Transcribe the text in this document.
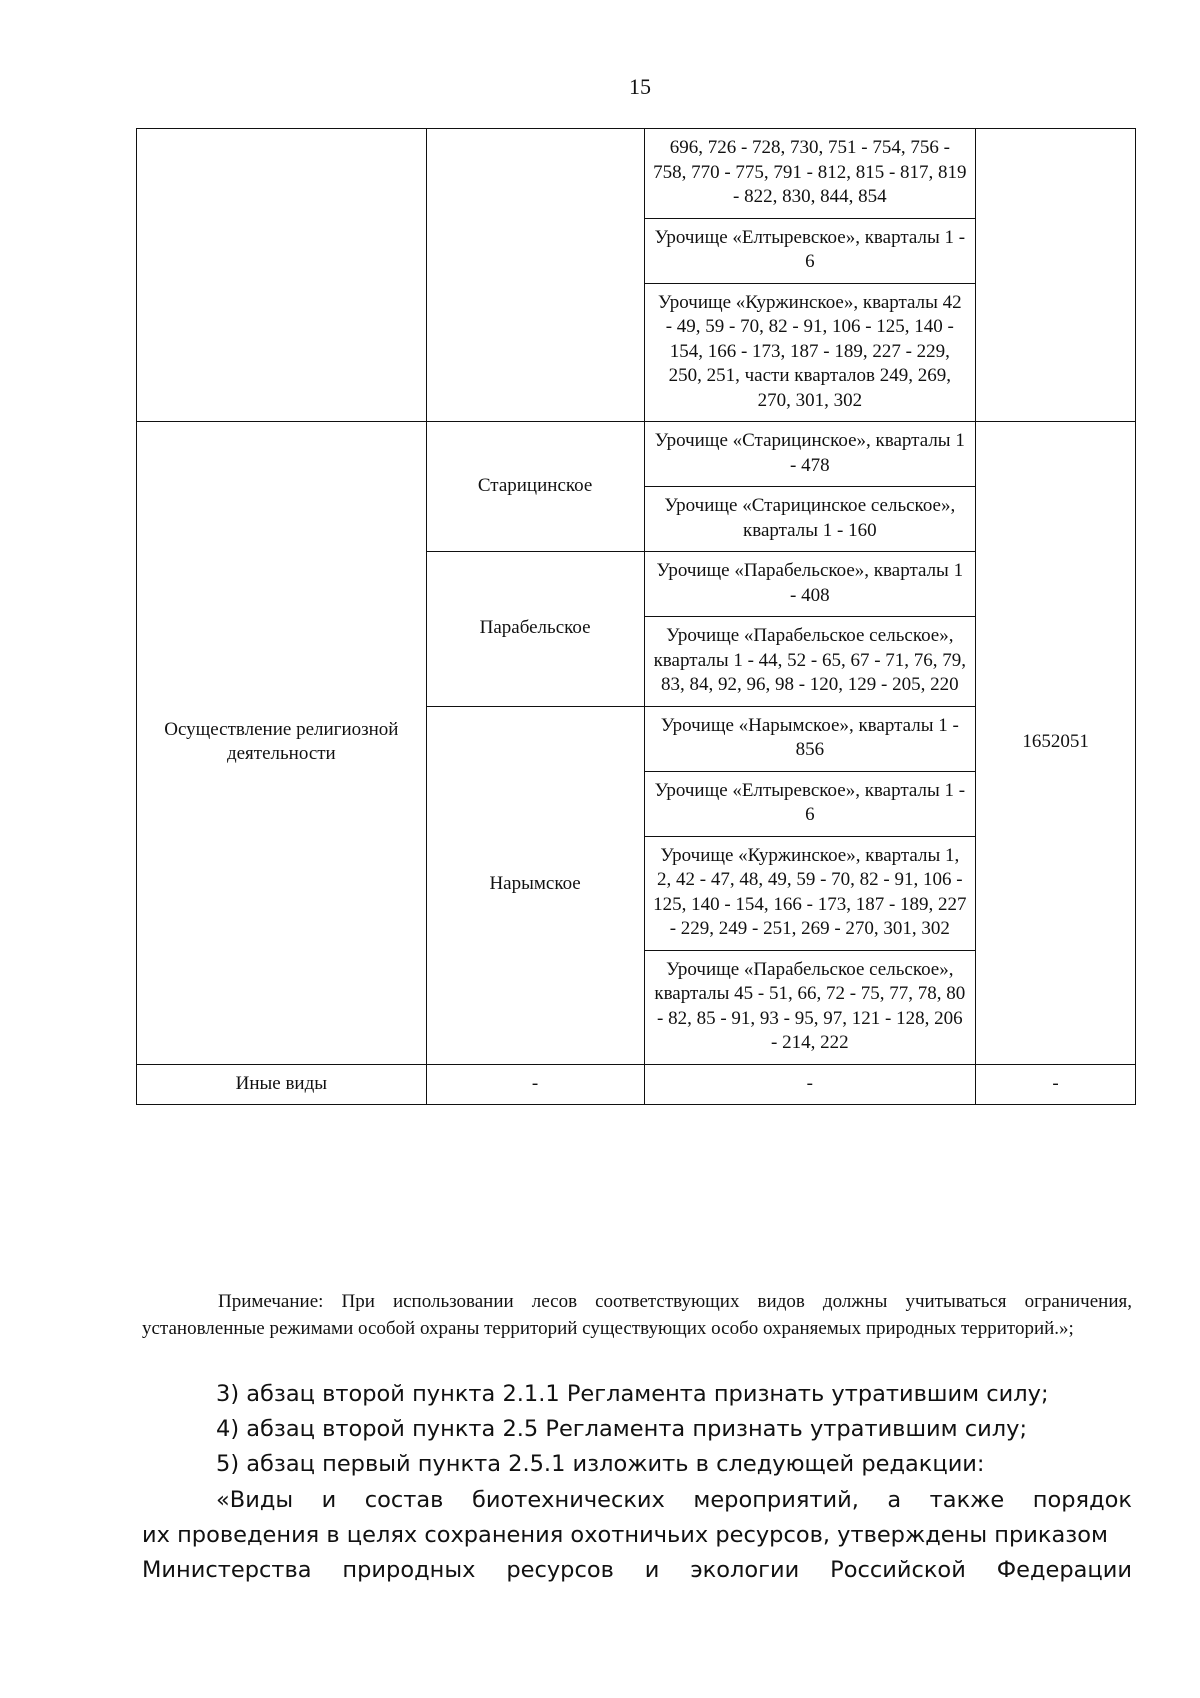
15
		696, 726 - 728, 730, 751 - 754, 756 - 758, 770 - 775, 791 - 812, 815 - 817, 819 - 822, 830, 844, 854	
		Урочище «Елтыревское», кварталы 1 - 6	
		Урочище «Куржинское», кварталы 42 - 49, 59 - 70, 82 - 91, 106 - 125, 140 - 154, 166 - 173, 187 - 189, 227 - 229, 250, 251, части кварталов 249, 269, 270, 301, 302	
Осуществление религиозной деятельности	Старицинское	Урочище «Старицинское», кварталы 1 - 478	1652051
		Урочище «Старицинское сельское», кварталы 1 - 160	
	Парабельское	Урочище «Парабельское», кварталы 1 - 408	
		Урочище «Парабельское сельское», кварталы 1 - 44, 52 - 65, 67 - 71, 76, 79, 83, 84, 92, 96, 98 - 120, 129 - 205, 220	
	Нарымское	Урочище «Нарымское», кварталы 1 - 856	
		Урочище «Елтыревское», кварталы 1 - 6	
		Урочище «Куржинское», кварталы 1, 2, 42 - 47, 48, 49, 59 - 70, 82 - 91, 106 - 125, 140 - 154, 166 - 173, 187 - 189, 227 - 229, 249 - 251, 269 - 270, 301, 302	
		Урочище «Парабельское сельское», кварталы 45 - 51, 66, 72 - 75, 77, 78, 80 - 82, 85 - 91, 93 - 95, 97, 121 - 128, 206 - 214, 222	
Иные виды	-	-	-
Примечание: При использовании лесов соответствующих видов должны учитываться ограничения, установленные режимами особой охраны территорий существующих особо охраняемых природных территорий.»;
3) абзац второй пункта 2.1.1 Регламента признать утратившим силу;
4) абзац второй пункта 2.5 Регламента признать утратившим силу;
5) абзац первый пункта 2.5.1 изложить в следующей редакции:
«Виды и состав биотехнических мероприятий, а также порядок
их проведения в целях сохранения охотничьих ресурсов, утверждены приказом
Министерства природных ресурсов и экологии Российской Федерации
